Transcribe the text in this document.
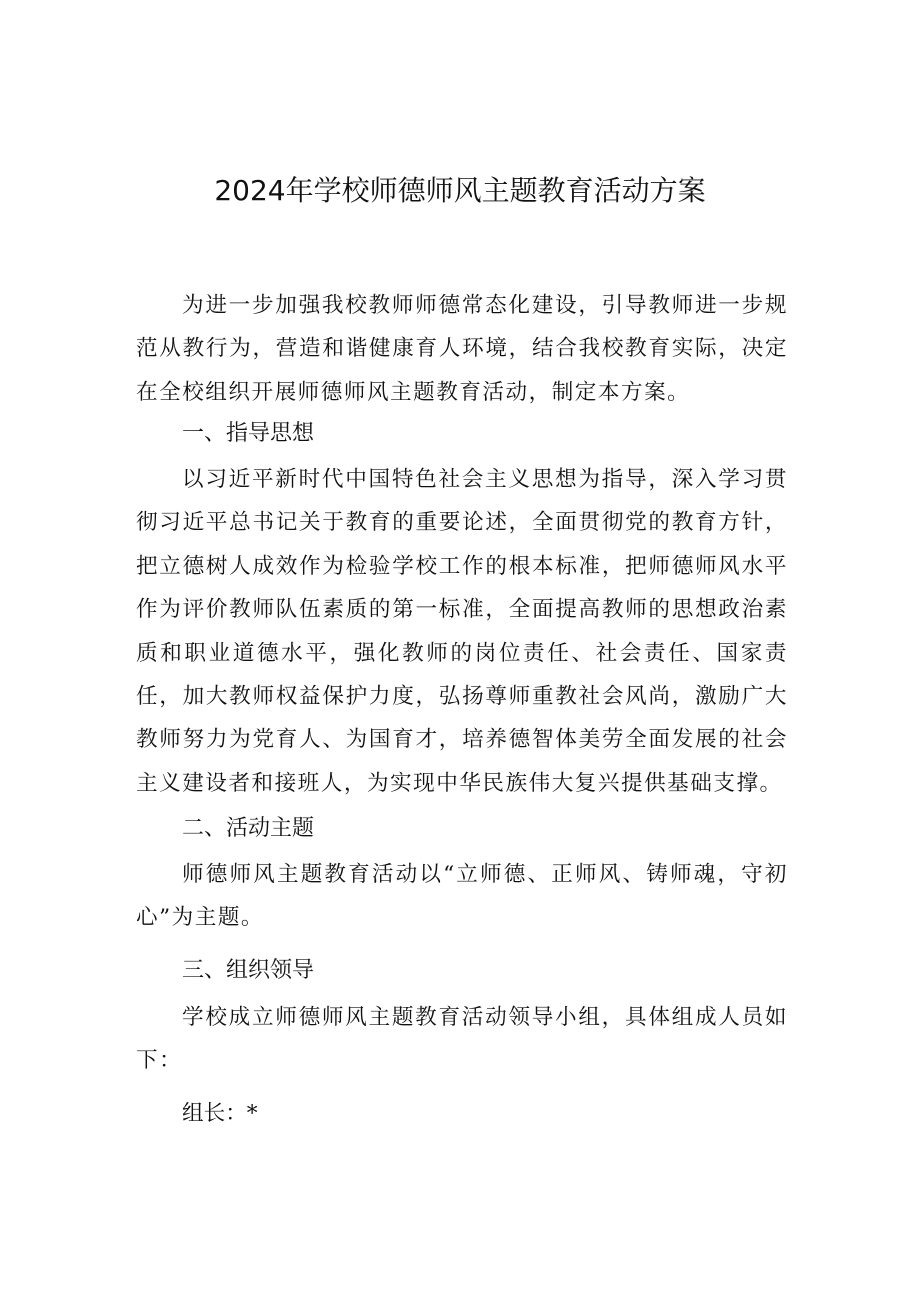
2024年学校师德师风主题教育活动方案
为进一步加强我校教师师德常态化建设，引导教师进一步规范从教行为，营造和谐健康育人环境，结合我校教育实际，决定在全校组织开展师德师风主题教育活动，制定本方案。
一、指导思想
以习近平新时代中国特色社会主义思想为指导，深入学习贯彻习近平总书记关于教育的重要论述，全面贯彻党的教育方针，把立德树人成效作为检验学校工作的根本标准，把师德师风水平作为评价教师队伍素质的第一标准，全面提高教师的思想政治素质和职业道德水平，强化教师的岗位责任、社会责任、国家责任，加大教师权益保护力度，弘扬尊师重教社会风尚，激励广大教师努力为党育人、为国育才，培养德智体美劳全面发展的社会主义建设者和接班人，为实现中华民族伟大复兴提供基础支撑。
二、活动主题
师德师风主题教育活动以“立师德、正师风、铸师魂，守初心”为主题。
三、组织领导
学校成立师德师风主题教育活动领导小组，具体组成人员如下：
组长：*
